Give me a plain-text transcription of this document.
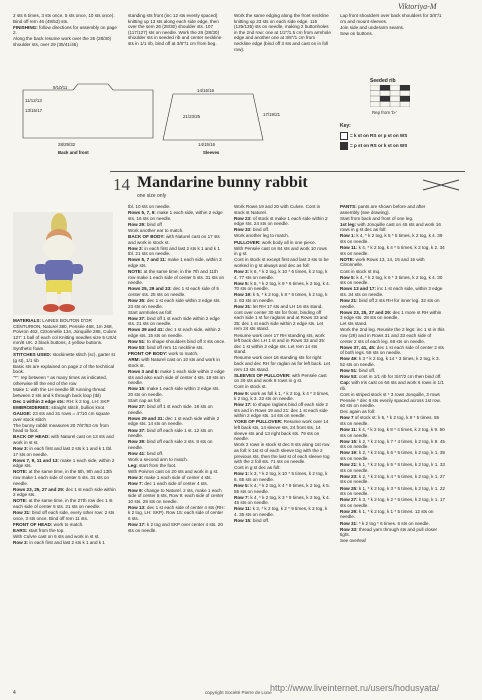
Viktoriya-M

2 sts 6 times, 3 sts once, 5 sts once, 10 sts once). Bind off rem 46 (49/53) sts.

FINISHING: follow directions for assembly on page 2.

Along the back resume work over the 26 (28/30) shoulder sts, over 29 (35/41/45)

standing sts front (inc 12 sts evenly spaced) knitting up 13 sts along each side edge, then over the sem 26 (28/30) shoulder sts. 107 (117/127) sts on needle. Work the 26 (28/30) shoulder sts in seeded rib and center neckline sts in 1/1 rib, bind off at 3/8"/1 cm from beg.

Work the same edging along the front neckline knitting up 23 sts on each side edge. 115 (125/135) sts on needle, making 2 buttonholes in the 2nd row: one at 1/2"/1.5 cm from armhole edge and another one at 3/8"/1 cm from neckline edge (bind off 3 sts and cast on in foll row).

Lap front shoulders over back shoulders for 3/8"/1 cm and mount sleeves.

Join side and underarm seams.

Sew on buttons.

9/10/11
11/12/13
13/15/17
28/29/32
Back and front
14/15/16
21/23/25	17/19/21
14/15/16
Sleeves
Seeded rib
Rep from 'b-'
Key:
= k st on RS or p st on WS
= p st on RS or k st on WS
14 Mandarine bunny rabbit
one size only

MATERIALS: LAINES BOUTON D'OR CENTURION, Naturel 380, Pensée 468, 1m 268, Poivron 462, Citronnelle 134, Jonquille 285, Culvre 127: 1 ball of each col Knitting needles size 5 US/4 mm/8 UK. 2 black buttons, 4 yellow buttons. Synthetic foam.

STITCHES USED: stockinette stitch (sc), garter st (g st), 1/1 rib

Basic sts are explained on page 2 of the technical book.

"*": rep between * as many times as indicated, otherwise till the end of the row

Make 1: with the LH needle lift running thread between 2 sts and k through back loop (tbl)

Dec 1 within 2 edge sts: RH: k 2 tog, LH: SKP

EMBROIDERIES: straight stitch, bullion knot

GAUGE: 23 sts and 31 rows = 4"/10 cm square over stock stitch

The bunny rabbit measures 20 7/8"/53 cm from head to foot.

BACK OF HEAD: with Naturel cast on 13 sts and work in st st.

Row 3: in each first and last 2 sts k 1 and k 1 tbl. 17 sts on needle.

Rows 7, 9, 11 and 13: make 1 each side, within 2 edge sts.

NOTE: at the same time, in the 5th, 9th and 13th row make 1 each side of center 5 sts. 31 sts on needle.

Rows 23, 25, 27 and 29: dec 1 st each side within 2 edge sts.

NOTE: at the same time, in the 27th row dec 1 st each side of center 5 sts. 21 sts on needle.

Row 31: bind off each side, every other row: 2 sts once, 3 sts once. Bind off rem 11 sts.

FRONT OF HEAD: work to match.

EARS: start from the top.

With Culvre cast on 6 sts and work in st st.

Row 3: in each first and last 2 sts k 1 and k 1

tbl. 10 sts on needle.

Rows 5, 7, 9: make 1 each side, within 2 edge sts. 16 sts on needle.

Row 29: bind off

Work another ear to match.

BACK OF BODY: with Naturel cast on 17 sts and work in stock st.

Row 3: in each first and last 2 sts k 1 and k 1 tbl. 21 sts on needle.

Rows 5, 7 and 11: make 1 each side, within 2 edge sts.

NOTE: at the same time, in the 7th and 11th row make 1 each side of center 5 sts. 31 sts on needle.

Rows 25, 29 and 33: dec 1 st each side of 5 center sts. 25 sts on needle.

Row 35: dec 1 st each side within 2 edge sts. 23 sts on needle.

Start armholes as foll:

Row 37: bind off 1 st each side within 2 edge sts. 21 sts on needle.

Rows 39 and 41: dec 1 st each side, within 2 edge sts. 15 sts on needle.

Row 51: to shape shoulders bind off 3 sts once.

Row 53: bind off rem 11 neckline sts.

FRONT OF BODY: work to match.

ARM: with Naturel cast on 10 sts and work in stock st.

Rows 3 and 5: make 1 each side within 2 edge sts and also each side of center 4 sts. 18 sts on needle.

Row 15: make 1 each side within 2 edge sts. 20 sts on needle.

Start cap as foll:

Row 27: bind off 1 st each side. 18 sts on needle.

Rows 29 and 31: dec 1 st each side within 2 edge sts. 14 sts on needle.

Row 37: bind off each side 1 st. 12 sts on needle.

Row 39: bind off each side 2 sts. 8 sts on needle.

Row 41: bind off.

Work a second arm to match.

Leg: start from the foot.

With Poivron cast on 20 sts and work in g st.

Row 3: make 1 each side of center 4 sts.

Row 7: dec 1 each side of center 4 sts.

Row 9: change to Naturel. 2 sts, make 1 each side of center 8 sts, Row 9: each side of center 10 sts. 28 sts on needle.

Row 13: dec 1 st each side of center 4 sts (RH: k 2 tog, LH: SKP). Row 15: each side of center 6 sts.

Row 17: k 2 tog and SKP over center 4 sts. 20 sts on needle.

Work Rows 19 and 20 with Culvre. Cont in stock st Naturel.

Row 23: of stock st make 1 each side within 2 edge sts. 24 sts on needle.

Row 33: bind off.

Work another leg to match.

PULLOVER: work body all in one piece.

With Pensée cast on 84 sts and work 10 rows in g st.

Cont in stock st except first and last 3 sts to be worked in g st always and dec as foll:

Row 3: k 6, * k 2 tog, k 10 * 6 times, k 2 tog, k 4. 77 sts on needle.

Row 5: k 5, * k 2 tog, k 9 * 6 times, k 2 tog, k 4. 70 sts on needle.

Row 19: k 5, * k 2 tog, k 8 * 6 times, k 2 tog, k 3. 63 sts on needle.

Row 31: let RH 17 sts and LH 16 sts stand, cont over center 30 sts for front, binding off each side 1 st for raglans and at Rows 33 and 35: dec 1 st each side within 2 edge sts. Let rem 24 sts stand.

Resume work over 17 RH standing sts, work left back dec LH 1 st and in Rows 33 and 35: dec 1 st within 2 edge sts. Let rem 14 sts stand.

Resume work over 16 standing sts for right back and dec RH for raglan as for left back. Let rem 13 sts stand.

SLEEVES OF PULLOVER: with Pensée cast on 26 sts and work 8 rows in g st.

Cont in stock st.

Row 9: work as foll k 1, * k 2 tog, k 4 * 3 times, k 2 tog, k 3. 22 sts on needle.

Row 17: to shape raglans bind off each side 2 sts and in Rows 19 and 21: dec 1 st each side within 2 edge sts. 14 sts on needle.

YOKE OF PULLOVER: Resume work over 14 left back sts, 14 sleeve sts, 24 front sts, 14 sleeve sts and 13 right back sts. 79 sts on needle.

Work 2 rows in stock st dec 8 sts along 1st row as foll: k 1st st of each sleeve tog with the 2 previous sts, then the last st of each sleeve tog with the 2 foll sts. 71 sts on needle.

Cont in g st dec as foll:

Row 1: k 3, * k 2 tog, k 10 * 5 times, k 2 tog, k 6. 65 sts on needle.

Row 5: k 4, * k 2 tog, k 4 * 9 times, k 2 tog, k 5. 55 sts on needle.

Row 7: k 4, * k 2 tog, k 3 * 9 times, k 2 tog, k 4. 45 sts on needle.

Row 11: k 3, * k 2 tog, k 2 * 9 times, k 2 tog, k 4. 35 sts on needle.

Row 15: bind off.

PANTS: pants are shown before and after assembly (see drawing).

Start from back and front of one leg.

1st leg: with Jonquille cast on 45 sts and work 16 rows in g st dec as foll:

Row 1: k 4, * k 2 tog, k 5 * 5 times, k 2 tog, k 4. 39 sts on needle.

Row 11: k 4, * k 2 tog, k 4 * 5 times, k 2 tog, k 2. 34 sts on needle.

NOTE: work Rows 13, 14, 15 and 16 with Citronnelle.

Cont in stock st Inq.

Row 5: k 4, * k 2 tog, k 6 * 3 times, k 2 tog, k 4. 30 sts on needle.

Rows 13 and 17: inc 1 st each side, within 3 edge sts. 34 sts on needle.

Row 21: bind off 2 sts RH for inner leg. 32 sts on needle.

Rows 23, 25, 27 and 29: dec 1 more st RH within 3 edge sts. 28 sts on needle.

Let sts stand.

Work the 2nd leg. Reunite the 2 legs: inc 1 st in this row (29) and in Rows 31 and 33 each side of center 2 sts of each leg. 68 sts on needle.

Rows 37, 41, 45: dec 1 st each side of center 2 sts of both legs. 56 sts on needle.

Row 49: k 3 * k 2 tog, k 14 * 3 times, k 2 tog, k 3. 52 sts on needle.

Row 51: bind off.

Row 53: cont in 1/1 rib for 3/4"/2 cm then bind off.

Cap: with Iris cast on 66 sts and work 6 rows in 1/1 rib.

Cont in striped stock st * 3 rows Jonquille, 3 rows Pensée * dec 6 sts evenly spaced across 1st row. 60 sts on needle.

Dec again as foll:

Row 7 of stock st: k 5, * k 2 tog, k 9 * 5 times. 55 sts on needle.

Row 11: k 4, * k 2 tog, k 8 * 4 times, k 2 tog, k 9. 50 sts on needle.

Row 15: k 2, * k 2 tog, k 7 * 4 times, k 2 tog, k 9. 45 sts on needle.

Row 19: k 2, * k 2 tog, k 6 * 5 times, k 2 tog, k 1. 39 sts on needle.

Row 21: k 1, * k 2 tog, k 5 * 5 times, k 2 tog, k 1. 33 sts on needle.

Row 23: k 2, * k 2 tog, k 4 * 5 times, k 2 tog, k 1. 27 sts on needle.

Row 25: k 1, * k 2 tog, k 3 * 5 times, k 2 tog, k 1. 22 sts on needle.

Row 27: k 3, * k 2 tog, k 2 * 5 times, k 2 tog, k 1. 17 sts on needle.

Row 29: k 1, * k 2 tog, k 1 * 5 times. 12 sts on needle.

Row 31: * k 2 tog * 6 times. 6 sts on needle.

Row 33: thread yarn through sts and pull closer tight.

See overleaf

4	copyright Société Pierre de Lune
http://www.liveinternet.ru/users/hodusyata/
